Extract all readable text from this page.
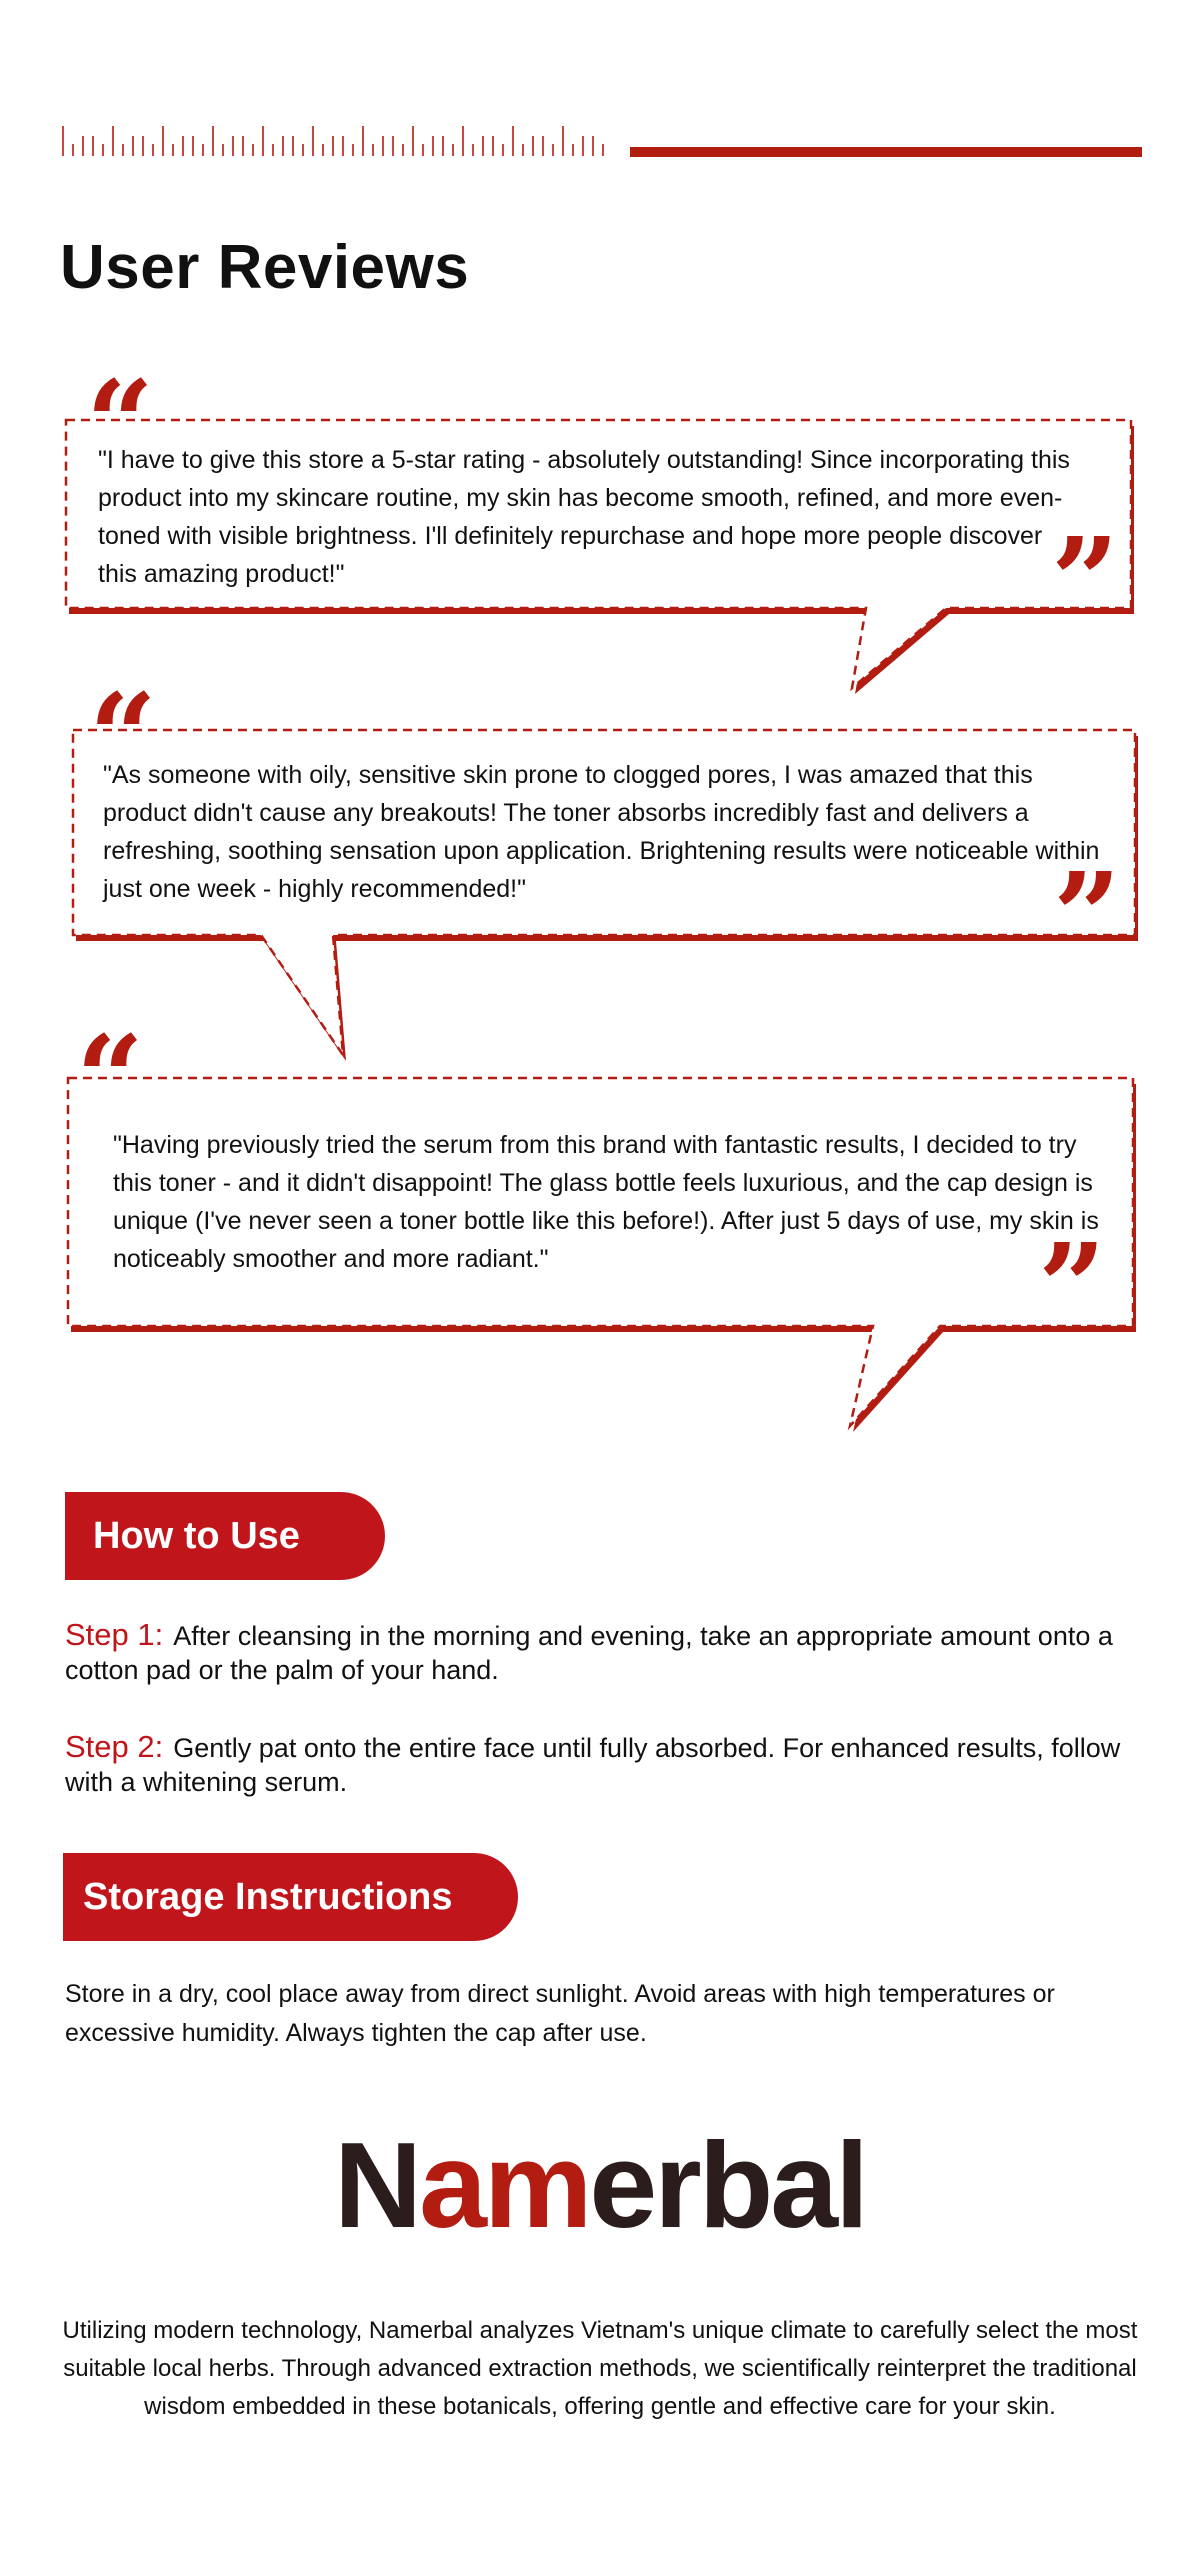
User Reviews
“
”

"I have to give this store a 5-star rating - absolutely outstanding! Since incorporating this product into my skincare routine, my skin has become smooth, refined, and more even-toned with visible brightness. I'll definitely repurchase and hope more people discover this amazing product!"

“
”

"As someone with oily, sensitive skin prone to clogged pores, I was amazed that this product didn't cause any breakouts! The toner absorbs incredibly fast and delivers a refreshing, soothing sensation upon application. Brightening results were noticeable within just one week - highly recommended!"

“
”

"Having previously tried the serum from this brand with fantastic results, I decided to try this toner - and it didn't disappoint! The glass bottle feels luxurious, and the cap design is unique (I've never seen a toner bottle like this before!). After just 5 days of use, my skin is noticeably smoother and more radiant."

How to Use

Step 1: After cleansing in the morning and evening, take an appropriate amount onto a cotton pad or the palm of your hand.

Step 2: Gently pat onto the entire face until fully absorbed. For enhanced results, follow with a whitening serum.

Storage Instructions

Store in a dry, cool place away from direct sunlight. Avoid areas with high temperatures or excessive humidity. Always tighten the cap after use.

Namerbal

Utilizing modern technology, Namerbal analyzes Vietnam's unique climate to carefully select the most suitable local herbs. Through advanced extraction methods, we scientifically reinterpret the traditional wisdom embedded in these botanicals, offering gentle and effective care for your skin.
